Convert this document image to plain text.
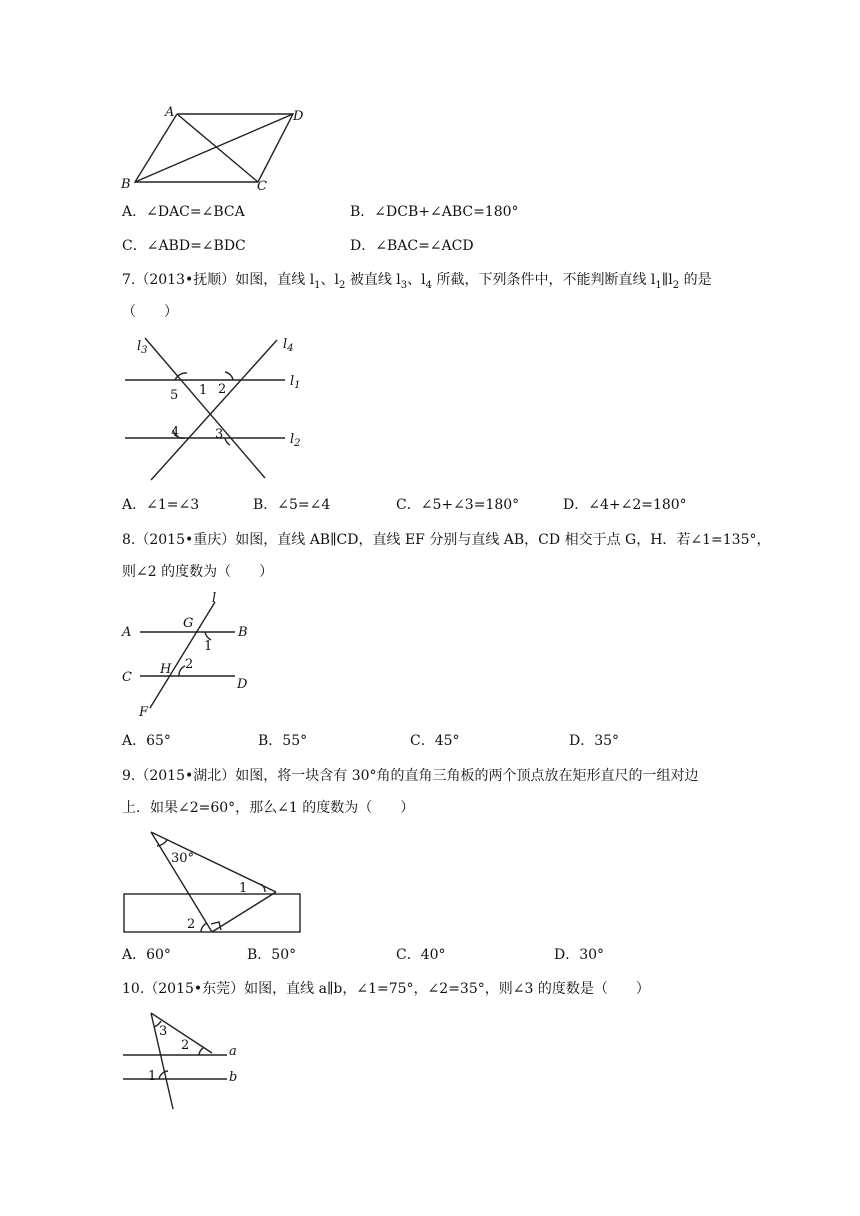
A	D
B	C
A．∠DAC=∠BCA	B．∠DCB+∠ABC=180°
C．∠ABD=∠BDC	D．∠BAC=∠ACD
7.（2013•抚顺）如图，直线 $l_1$、$l_2$ 被直线 $l_3$、$l_4$ 所截，下列条件中，不能判断直线 $l_1\parallel l_2$ 的是
（　　）
$l_3$	$l_4$
$l_1$
$l_2$
1 2
5
4	3
A．∠1=∠3	B．∠5=∠4	C．∠5+∠3=180°	D．∠4+∠2=180°
8.（2015•重庆）如图，直线 AB∥CD，直线 EF 分别与直线 AB，CD 相交于点 G，H．若∠1=135°，
则∠2 的度数为（　　）
l
A
G
B
1
C
H 2
D
F
A．65°	B．55°	C．45°	D．35°
9.（2015•湖北）如图，将一块含有 30°角的直角三角板的两个顶点放在矩形直尺的一组对边
上．如果∠2=60°，那么∠1 的度数为（　　）
30°
1
2
A．60°	B．50°	C．40°	D．30°
10.（2015•东莞）如图，直线 a∥b，∠1=75°，∠2=35°，则∠3 的度数是（　　）
3
2	a
1	b
